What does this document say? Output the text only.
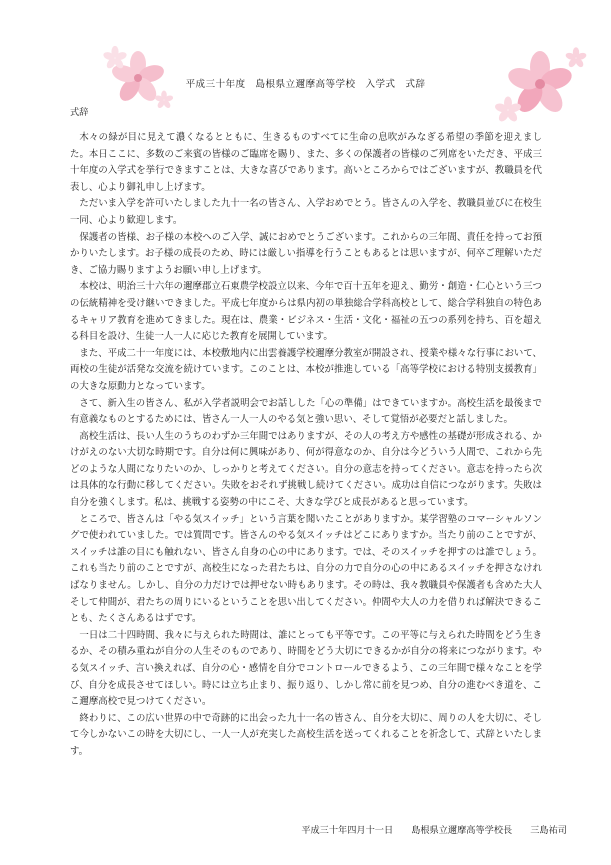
平成三十年度　島根県立邇摩高等学校　入学式　式辞
式辞

木々の緑が目に見えて濃くなるとともに、生きるものすべてに生命の息吹がみなぎる希望の季節を迎えました。本日ここに、多数のご来賓の皆様のご臨席を賜り、また、多くの保護者の皆様のご列席をいただき、平成三十年度の入学式を挙行できますことは、大きな喜びであります。高いところからではございますが、教職員を代表し、心より御礼申し上げます。

ただいま入学を許可いたしました九十一名の皆さん、入学おめでとう。皆さんの入学を、教職員並びに在校生一同、心より歓迎します。

保護者の皆様、お子様の本校へのご入学、誠におめでとうございます。これからの三年間、責任を持ってお預かりいたします。お子様の成長のため、時には厳しい指導を行うこともあるとは思いますが、何卒ご理解いただき、ご協力賜りますようお願い申し上げます。

本校は、明治三十六年の邇摩郡立石東農学校設立以来、今年で百十五年を迎え、勤労・創造・仁心という三つの伝統精神を受け継いできました。平成七年度からは県内初の単独総合学科高校として、総合学科独自の特色あるキャリア教育を進めてきました。現在は、農業・ビジネス・生活・文化・福祉の五つの系列を持ち、百を超える科目を設け、生徒一人一人に応じた教育を展開しています。

また、平成二十一年度には、本校敷地内に出雲養護学校邇摩分教室が開設され、授業や様々な行事において、両校の生徒が活発な交流を続けています。このことは、本校が推進している「高等学校における特別支援教育」の大きな原動力となっています。

さて、新入生の皆さん、私が入学者説明会でお話しした「心の準備」はできていますか。高校生活を最後まで有意義なものとするためには、皆さん一人一人のやる気と強い思い、そして覚悟が必要だと話しました。

高校生活は、長い人生のうちのわずか三年間ではありますが、その人の考え方や感性の基礎が形成される、かけがえのない大切な時期です。自分は何に興味があり、何が得意なのか、自分は今どういう人間で、これから先どのような人間になりたいのか、しっかりと考えてください。自分の意志を持ってください。意志を持ったら次は具体的な行動に移してください。失敗をおそれず挑戦し続けてください。成功は自信につながります。失敗は自分を強くします。私は、挑戦する姿勢の中にこそ、大きな学びと成長があると思っています。

ところで、皆さんは「やる気スイッチ」という言葉を聞いたことがありますか。某学習塾のコマーシャルソングで使われていました。では質問です。皆さんのやる気スイッチはどこにありますか。当たり前のことですが、スイッチは誰の目にも触れない、皆さん自身の心の中にあります。では、そのスイッチを押すのは誰でしょう。これも当たり前のことですが、高校生になった君たちは、自分の力で自分の心の中にあるスイッチを押さなければなりません。しかし、自分の力だけでは押せない時もあります。その時は、我々教職員や保護者も含めた大人そして仲間が、君たちの周りにいるということを思い出してください。仲間や大人の力を借りれば解決できることも、たくさんあるはずです。

一日は二十四時間、我々に与えられた時間は、誰にとっても平等です。この平等に与えられた時間をどう生きるか、その積み重ねが自分の人生そのものであり、時間をどう大切にできるかが自分の将来につながります。やる気スイッチ、言い換えれば、自分の心・感情を自分でコントロールできるよう、この三年間で様々なことを学び、自分を成長させてほしい。時には立ち止まり、振り返り、しかし常に前を見つめ、自分の進むべき道を、ここ邇摩高校で見つけてください。

終わりに、この広い世界の中で奇跡的に出会った九十一名の皆さん、自分を大切に、周りの人を大切に、そして今しかないこの時を大切にし、一人一人が充実した高校生活を送ってくれることを祈念して、式辞といたします。

平成三十年四月十一日 島根県立邇摩高等学校長 三島祐司
